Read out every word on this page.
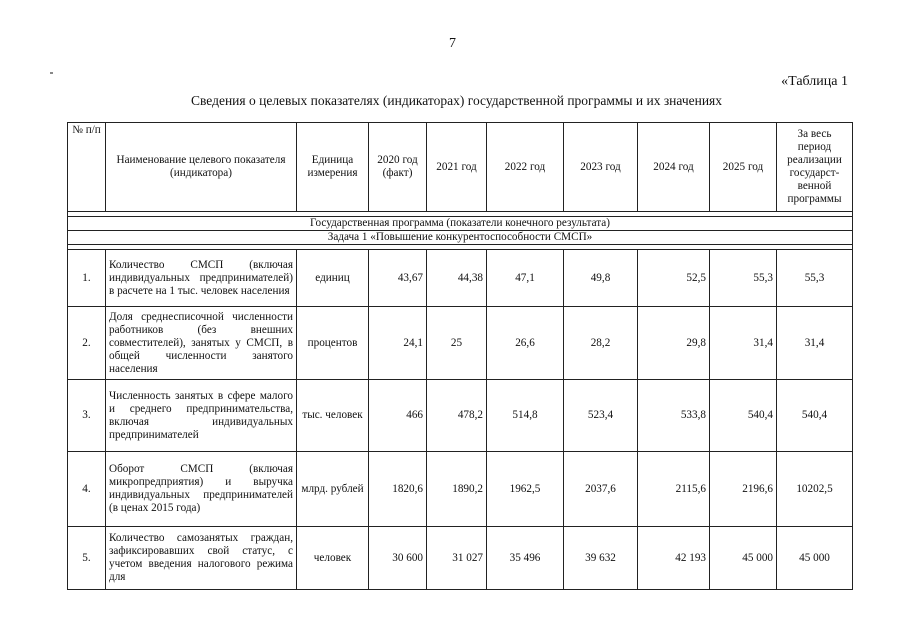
7
«Таблица 1
Сведения о целевых показателях (индикаторах) государственной программы и их значениях
№ п/п	Наименование целевого показателя (индикатора)	Единица измерения	2020 год (факт)	2021 год	2022 год	2023 год	2024 год	2025 год	За весь период реализации государст-венной программы

Государственная программа (показатели конечного результата)									
Задача 1 «Повышение конкурентоспособности СМСП»									

1.	Количество СМСП (включая индивидуальных предпринимателей) в расчете на 1 тыс. человек населения	единиц	43,67	44,38	47,1	49,8	52,5	55,3	55,3
2.	Доля среднесписочной численности работников (без внешних совместителей), занятых у СМСП, в общей численности занятого населения	процентов	24,1	25	26,6	28,2	29,8	31,4	31,4
3.	Численность занятых в сфере малого и среднего предпринимательства, включая индивидуальных предпринимателей	тыс. человек	466	478,2	514,8	523,4	533,8	540,4	540,4
4.	Оборот СМСП (включая микропредприятия) и выручка индивидуальных предпринимателей (в ценах 2015 года)	млрд. рублей	1820,6	1890,2	1962,5	2037,6	2115,6	2196,6	10202,5
5.	Количество самозанятых граждан, зафиксировавших свой статус, с учетом введения налогового режима для	человек	30 600	31 027	35 496	39 632	42 193	45 000	45 000
